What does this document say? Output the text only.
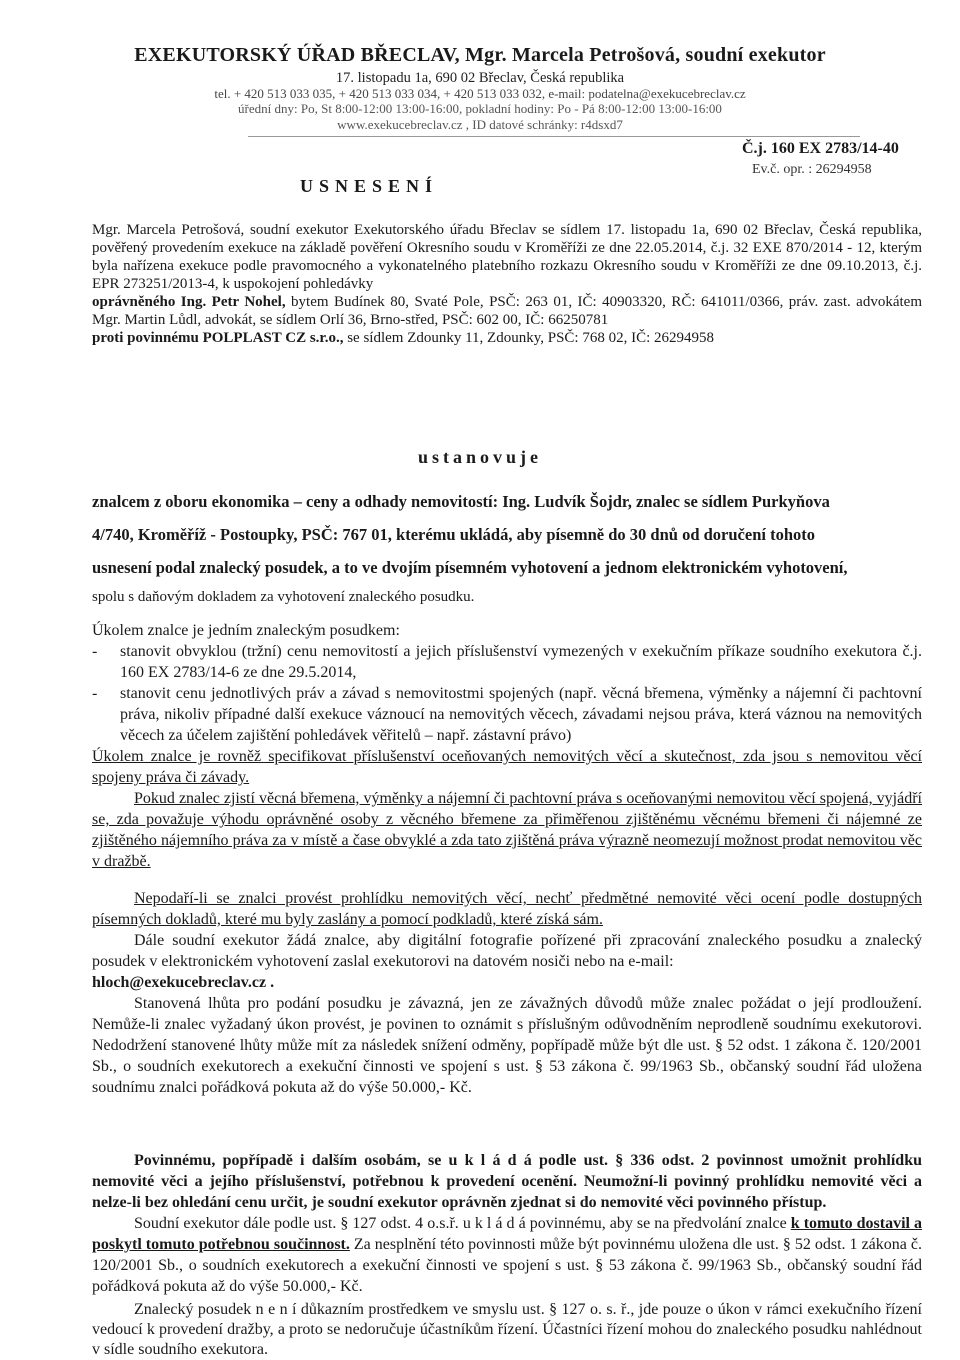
EXEKUTORSKÝ ÚŘAD BŘECLAV, Mgr. Marcela Petrošová, soudní exekutor
17. listopadu 1a, 690 02 Břeclav, Česká republika
tel. + 420 513 033 035, + 420 513 033 034, + 420 513 033 032, e-mail: podatelna@exekucebreclav.cz
úřední dny: Po, St 8:00-12:00 13:00-16:00, pokladní hodiny: Po - Pá 8:00-12:00 13:00-16:00
www.exekucebreclav.cz , ID datové schránky: r4dsxd7
Č.j. 160 EX 2783/14-40
Ev.č. opr. : 26294958
USNESENÍ

Mgr. Marcela Petrošová, soudní exekutor Exekutorského úřadu Břeclav se sídlem 17. listopadu 1a, 690 02 Břeclav, Česká republika, pověřený provedením exekuce na základě pověření Okresního soudu v Kroměříži ze dne 22.05.2014, č.j. 32 EXE 870/2014 - 12, kterým byla nařízena exekuce podle pravomocného a vykonatelného platebního rozkazu Okresního soudu v Kroměříži ze dne 09.10.2013, č.j. EPR 273251/2013-4, k uspokojení pohledávky

oprávněného Ing. Petr Nohel, bytem Budínek 80, Svaté Pole, PSČ: 263 01, IČ: 40903320, RČ: 641011/0366, práv. zast. advokátem Mgr. Martin Lůdl, advokát, se sídlem Orlí 36, Brno-střed, PSČ: 602 00, IČ: 66250781

proti povinnému POLPLAST CZ s.r.o., se sídlem Zdounky 11, Zdounky, PSČ: 768 02, IČ: 26294958

ustanovuje

znalcem z oboru ekonomika – ceny a odhady nemovitostí: Ing. Ludvík Šojdr, znalec se sídlem Purkyňova

4/740, Kroměříž - Postoupky, PSČ: 767 01, kterému ukládá, aby písemně do 30 dnů od doručení tohoto

usnesení podal znalecký posudek, a to ve dvojím písemném vyhotovení a jednom elektronickém vyhotovení,

spolu s daňovým dokladem za vyhotovení znaleckého posudku.

Úkolem znalce je jedním znaleckým posudkem:

- stanovit obvyklou (tržní) cenu nemovitostí a jejich příslušenství vymezených v exekučním příkaze soudního exekutora č.j. 160 EX 2783/14-6 ze dne 29.5.2014,

- stanovit cenu jednotlivých práv a závad s nemovitostmi spojených (např. věcná břemena, výměnky a nájemní či pachtovní práva, nikoliv případné další exekuce váznoucí na nemovitých věcech, závadami nejsou práva, která váznou na nemovitých věcech za účelem zajištění pohledávek věřitelů – např. zástavní právo)

Úkolem znalce je rovněž specifikovat příslušenství oceňovaných nemovitých věcí a skutečnost, zda jsou s nemovitou věcí spojeny práva či závady.

Pokud znalec zjistí věcná břemena, výměnky a nájemní či pachtovní práva s oceňovanými nemovitou věcí spojená, vyjádří se, zda považuje výhodu oprávněné osoby z věcného břemene za přiměřenou zjištěnému věcnému břemeni či nájemné ze zjištěného nájemního práva za v místě a čase obvyklé a zda tato zjištěná práva výrazně neomezují možnost prodat nemovitou věc v dražbě.

Nepodaří-li se znalci provést prohlídku nemovitých věcí, nechť předmětné nemovité věci ocení podle dostupných písemných dokladů, které mu byly zaslány a pomocí podkladů, které získá sám.

Dále soudní exekutor žádá znalce, aby digitální fotografie pořízené při zpracování znaleckého posudku a znalecký posudek v elektronickém vyhotovení zaslal exekutorovi na datovém nosiči nebo na e-mail:

hloch@exekucebreclav.cz .

Stanovená lhůta pro podání posudku je závazná, jen ze závažných důvodů může znalec požádat o její prodloužení. Nemůže-li znalec vyžadaný úkon provést, je povinen to oznámit s příslušným odůvodněním neprodleně soudnímu exekutorovi. Nedodržení stanovené lhůty může mít za následek snížení odměny, popřípadě může být dle ust. § 52 odst. 1 zákona č. 120/2001 Sb., o soudních exekutorech a exekuční činnosti ve spojení s ust. § 53 zákona č. 99/1963 Sb., občanský soudní řád uložena soudnímu znalci pořádková pokuta až do výše 50.000,- Kč.

Povinnému, popřípadě i dalším osobám, se u k l á d á podle ust. § 336 odst. 2 povinnost umožnit prohlídku nemovité věci a jejího příslušenství, potřebnou k provedení ocenění. Neumožní-li povinný prohlídku nemovité věci a nelze-li bez ohledání cenu určit, je soudní exekutor oprávněn zjednat si do nemovité věci povinného přístup.

Soudní exekutor dále podle ust. § 127 odst. 4 o.s.ř. u k l á d á povinnému, aby se na předvolání znalce k tomuto dostavil a poskytl tomuto potřebnou součinnost. Za nesplnění této povinnosti může být povinnému uložena dle ust. § 52 odst. 1 zákona č. 120/2001 Sb., o soudních exekutorech a exekuční činnosti ve spojení s ust. § 53 zákona č. 99/1963 Sb., občanský soudní řád pořádková pokuta až do výše 50.000,- Kč.

Znalecký posudek n e n í důkazním prostředkem ve smyslu ust. § 127 o. s. ř., jde pouze o úkon v rámci exekučního řízení vedoucí k provedení dražby, a proto se nedoručuje účastníkům řízení. Účastníci řízení mohou do znaleckého posudku nahlédnout v sídle soudního exekutora.
